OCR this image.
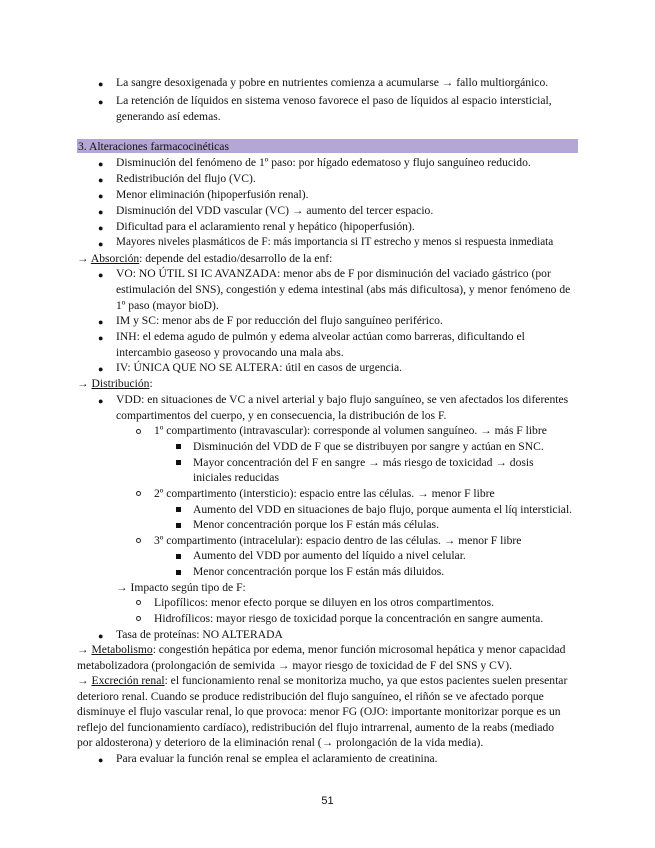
● La sangre desoxigenada y pobre en nutrientes comienza a acumularse → fallo multiorgánico.
● La retención de líquidos en sistema venoso favorece el paso de líquidos al espacio intersticial,
generando así edemas.
3. Alteraciones farmacocinéticas
● Disminución del fenómeno de 1º paso: por hígado edematoso y flujo sanguíneo reducido.
● Redistribución del flujo (VC).
● Menor eliminación (hipoperfusión renal).
● Disminución del VDD vascular (VC) → aumento del tercer espacio.
● Dificultad para el aclaramiento renal y hepático (hipoperfusión).
● Mayores niveles plasmáticos de F: más importancia si IT estrecho y menos si respuesta inmediata
→ Absorción: depende del estadio/desarrollo de la enf:
● VO: NO ÚTIL SI IC AVANZADA: menor abs de F por disminución del vaciado gástrico (por
estimulación del SNS), congestión y edema intestinal (abs más dificultosa), y menor fenómeno de
1º paso (mayor bioD).
● IM y SC: menor abs de F por reducción del flujo sanguíneo periférico.
● INH: el edema agudo de pulmón y edema alveolar actúan como barreras, dificultando el
intercambio gaseoso y provocando una mala abs.
● IV: ÚNICA QUE NO SE ALTERA: útil en casos de urgencia.
→ Distribución:
● VDD: en situaciones de VC a nivel arterial y bajo flujo sanguíneo, se ven afectados los diferentes
compartimentos del cuerpo, y en consecuencia, la distribución de los F.
1º compartimento (intravascular): corresponde al volumen sanguíneo. → más F libre
Disminución del VDD de F que se distribuyen por sangre y actúan en SNC.
Mayor concentración del F en sangre → más riesgo de toxicidad → dosis
iniciales reducidas
2º compartimento (intersticio): espacio entre las células. → menor F libre
Aumento del VDD en situaciones de bajo flujo, porque aumenta el líq intersticial.
Menor concentración porque los F están más células.
3º compartimento (intracelular): espacio dentro de las células. → menor F libre
Aumento del VDD por aumento del líquido a nivel celular.
Menor concentración porque los F están más diluidos.
→ Impacto según tipo de F:
Lipofílicos: menor efecto porque se diluyen en los otros compartimentos.
Hidrofílicos: mayor riesgo de toxicidad porque la concentración en sangre aumenta.
● Tasa de proteínas: NO ALTERADA
→ Metabolismo: congestión hepática por edema, menor función microsomal hepática y menor capacidad
metabolizadora (prolongación de semivida → mayor riesgo de toxicidad de F del SNS y CV).
→ Excreción renal: el funcionamiento renal se monitoriza mucho, ya que estos pacientes suelen presentar
deterioro renal. Cuando se produce redistribución del flujo sanguíneo, el riñón se ve afectado porque
disminuye el flujo vascular renal, lo que provoca: menor FG (OJO: importante monitorizar porque es un
reflejo del funcionamiento cardíaco), redistribución del flujo intrarrenal, aumento de la reabs (mediado
por aldosterona) y deterioro de la eliminación renal (→ prolongación de la vida media).
● Para evaluar la función renal se emplea el aclaramiento de creatinina.
51
